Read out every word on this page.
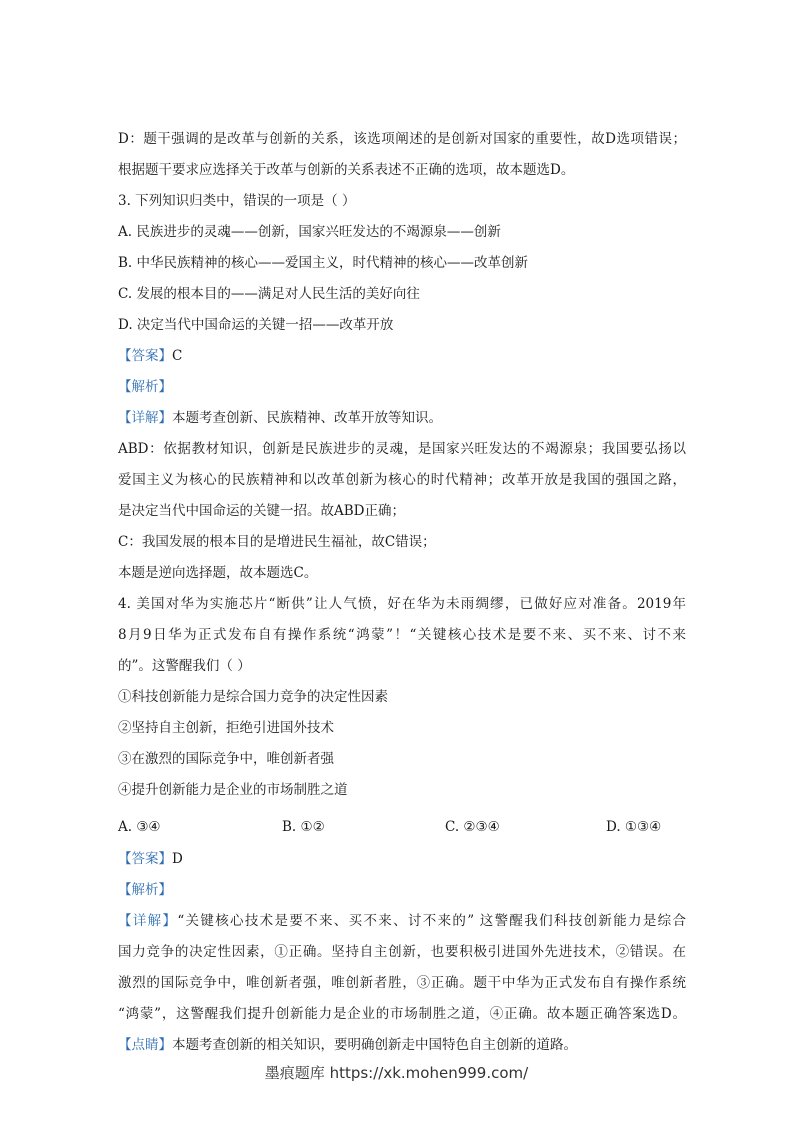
D：题干强调的是改革与创新的关系，该选项阐述的是创新对国家的重要性，故D选项错误；
根据题干要求应选择关于改革与创新的关系表述不正确的选项，故本题选D。
3. 下列知识归类中，错误的一项是（ ）
A. 民族进步的灵魂——创新，国家兴旺发达的不竭源泉——创新
B. 中华民族精神的核心——爱国主义，时代精神的核心——改革创新
C. 发展的根本目的——满足对人民生活的美好向往
D. 决定当代中国命运的关键一招——改革开放
【答案】C
【解析】
【详解】本题考查创新、民族精神、改革开放等知识。
ABD：依据教材知识，创新是民族进步的灵魂，是国家兴旺发达的不竭源泉；我国要弘扬以
爱国主义为核心的民族精神和以改革创新为核心的时代精神；改革开放是我国的强国之路，
是决定当代中国命运的关键一招。故ABD正确；
C：我国发展的根本目的是增进民生福祉，故C错误；
本题是逆向选择题，故本题选C。
4. 美国对华为实施芯片“断供”让人气愤，好在华为未雨绸缪，已做好应对准备。2019年
8月9日华为正式发布自有操作系统“鸿蒙”！“关键核心技术是要不来、买不来、讨不来
的”。这警醒我们（ ）
①科技创新能力是综合国力竞争的决定性因素
②坚持自主创新，拒绝引进国外技术
③在激烈的国际竞争中，唯创新者强
④提升创新能力是企业的市场制胜之道
A. ③④	B. ①②	C. ②③④	D. ①③④
【答案】D
【解析】
【详解】“关键核心技术是要不来、买不来、讨不来的” 这警醒我们科技创新能力是综合
国力竞争的决定性因素，①正确。坚持自主创新，也要积极引进国外先进技术，②错误。在
激烈的国际竞争中，唯创新者强，唯创新者胜，③正确。题干中华为正式发布自有操作系统
“鸿蒙”，这警醒我们提升创新能力是企业的市场制胜之道，④正确。故本题正确答案选D。
【点睛】本题考查创新的相关知识，要明确创新走中国特色自主创新的道路。
墨痕题库 https://xk.mohen999.com/
